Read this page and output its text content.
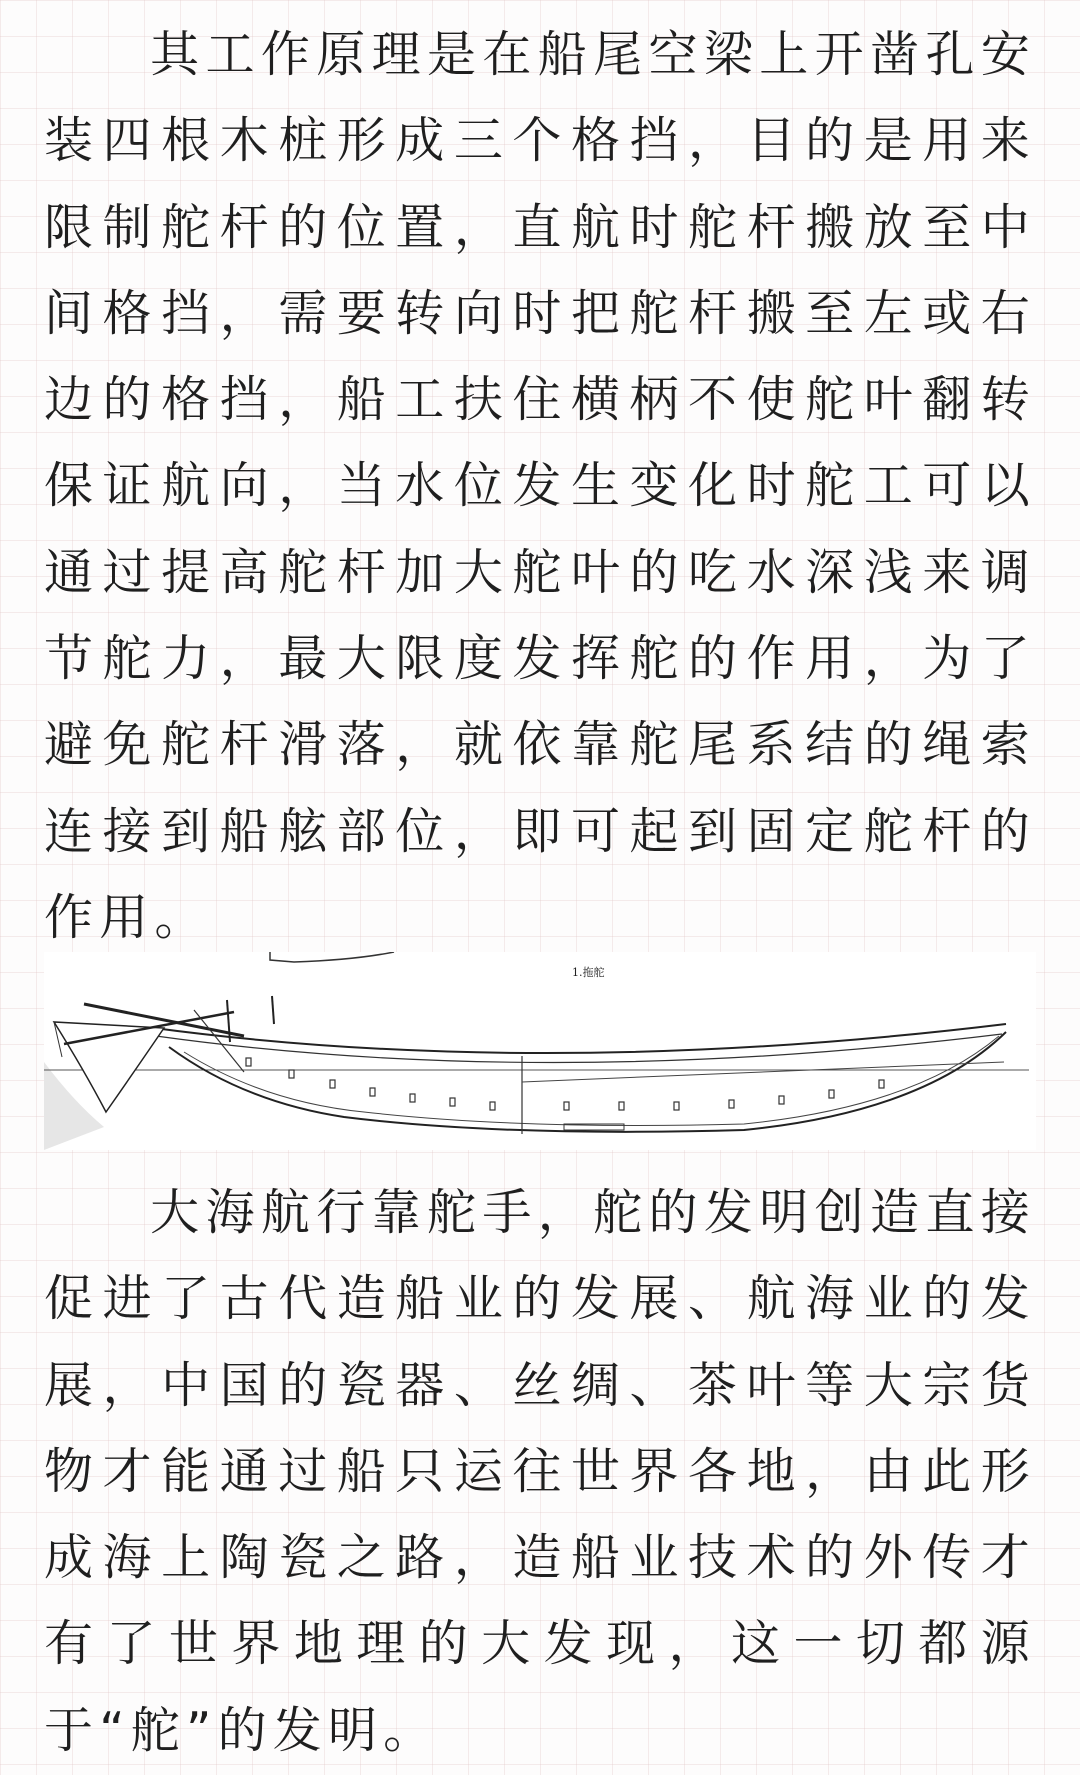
其工作原理是在船尾空梁上开凿孔安装四根木桩形成三个格挡，目的是用来限制舵杆的位置，直航时舵杆搬放至中间格挡，需要转向时把舵杆搬至左或右边的格挡，船工扶住横柄不使舵叶翻转保证航向，当水位发生变化时舵工可以通过提高舵杆加大舵叶的吃水深浅来调节舵力，最大限度发挥舵的作用，为了避免舵杆滑落，就依靠舵尾系结的绳索连接到船舷部位，即可起到固定舵杆的作用。

大海航行靠舵手，舵的发明创造直接促进了古代造船业的发展、航海业的发展，中国的瓷器、丝绸、茶叶等大宗货物才能通过船只运往世界各地，由此形成海上陶瓷之路，造船业技术的外传才有了世界地理的大发现，这一切都源于“舵”的发明。

1.拖舵
